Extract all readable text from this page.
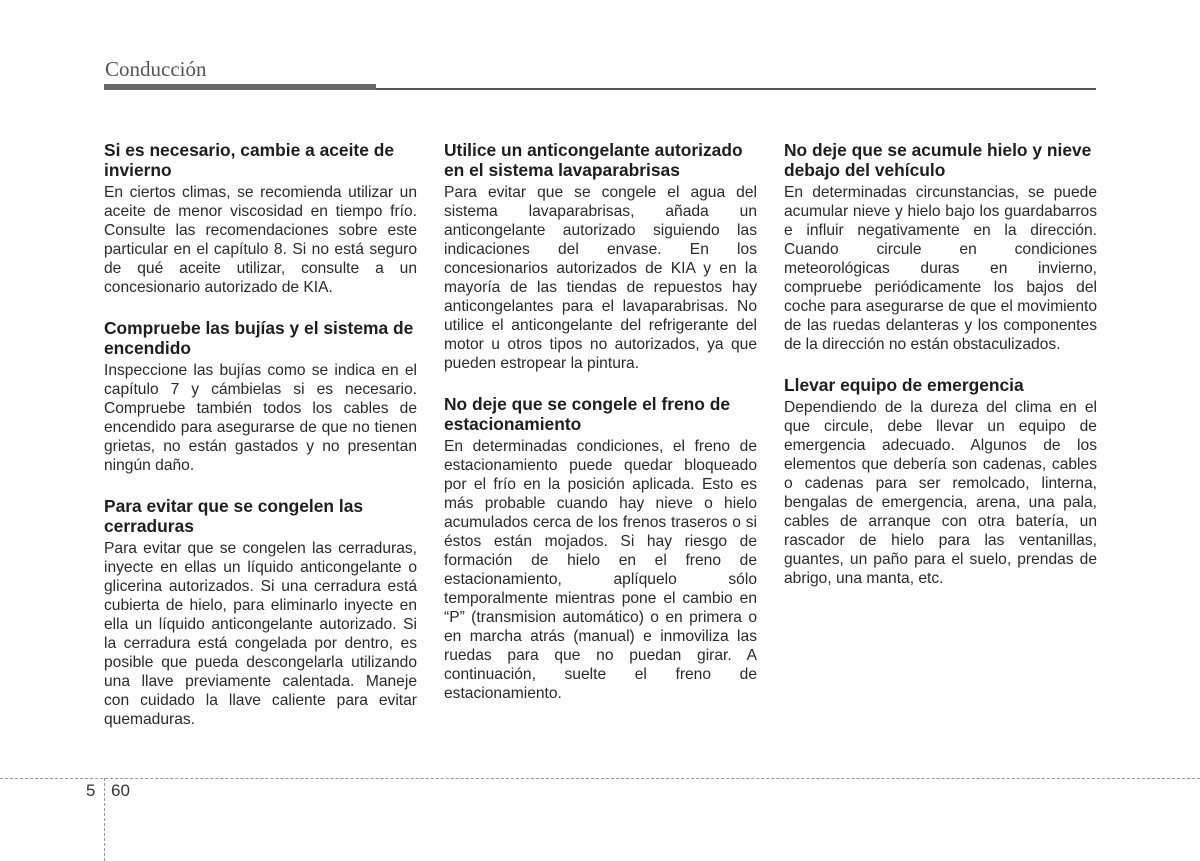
Conducción
Si es necesario, cambie a aceite de invierno

En ciertos climas, se recomienda utilizar un aceite de menor viscosidad en tiempo frío. Consulte las recomendaciones sobre este particular en el capítulo 8. Si no está seguro de qué aceite utilizar, consulte a un concesionario autorizado de KIA.

Compruebe las bujías y el sistema de encendido

Inspeccione las bujías como se indica en el capítulo 7 y cámbielas si es necesario. Compruebe también todos los cables de encendido para asegurarse de que no tienen grietas, no están gastados y no presentan ningún daño.

Para evitar que se congelen las cerraduras

Para evitar que se congelen las cerraduras, inyecte en ellas un líquido anticongelante o glicerina autorizados. Si una cerradura está cubierta de hielo, para eliminarlo inyecte en ella un líquido anticongelante autorizado. Si la cerradura está congelada por dentro, es posible que pueda descongelarla utilizando una llave previamente calentada. Maneje con cuidado la llave caliente para evitar quemaduras.

Utilice un anticongelante autorizado en el sistema lavaparabrisas

Para evitar que se congele el agua del sistema lavaparabrisas, añada un anticongelante autorizado siguiendo las indicaciones del envase. En los concesionarios autorizados de KIA y en la mayoría de las tiendas de repuestos hay anticongelantes para el lavaparabrisas. No utilice el anticongelante del refrigerante del motor u otros tipos no autorizados, ya que pueden estropear la pintura.

No deje que se congele el freno de estacionamiento

En determinadas condiciones, el freno de estacionamiento puede quedar bloqueado por el frío en la posición aplicada. Esto es más probable cuando hay nieve o hielo acumulados cerca de los frenos traseros o si éstos están mojados. Si hay riesgo de formación de hielo en el freno de estacionamiento, aplíquelo sólo temporalmente mientras pone el cambio en “P” (transmision automático) o en primera o en marcha atrás (manual) e inmoviliza las ruedas para que no puedan girar. A continuación, suelte el freno de estacionamiento.

No deje que se acumule hielo y nieve debajo del vehículo

En determinadas circunstancias, se puede acumular nieve y hielo bajo los guardabarros e influir negativamente en la dirección. Cuando circule en condiciones meteorológicas duras en invierno, compruebe periódicamente los bajos del coche para asegurarse de que el movimiento de las ruedas delanteras y los componentes de la dirección no están obstaculizados.

Llevar equipo de emergencia

Dependiendo de la dureza del clima en el que circule, debe llevar un equipo de emergencia adecuado. Algunos de los elementos que debería son cadenas, cables o cadenas para ser remolcado, linterna, bengalas de emergencia, arena, una pala, cables de arranque con otra batería, un rascador de hielo para las ventanillas, guantes, un paño para el suelo, prendas de abrigo, una manta, etc.

5 60
